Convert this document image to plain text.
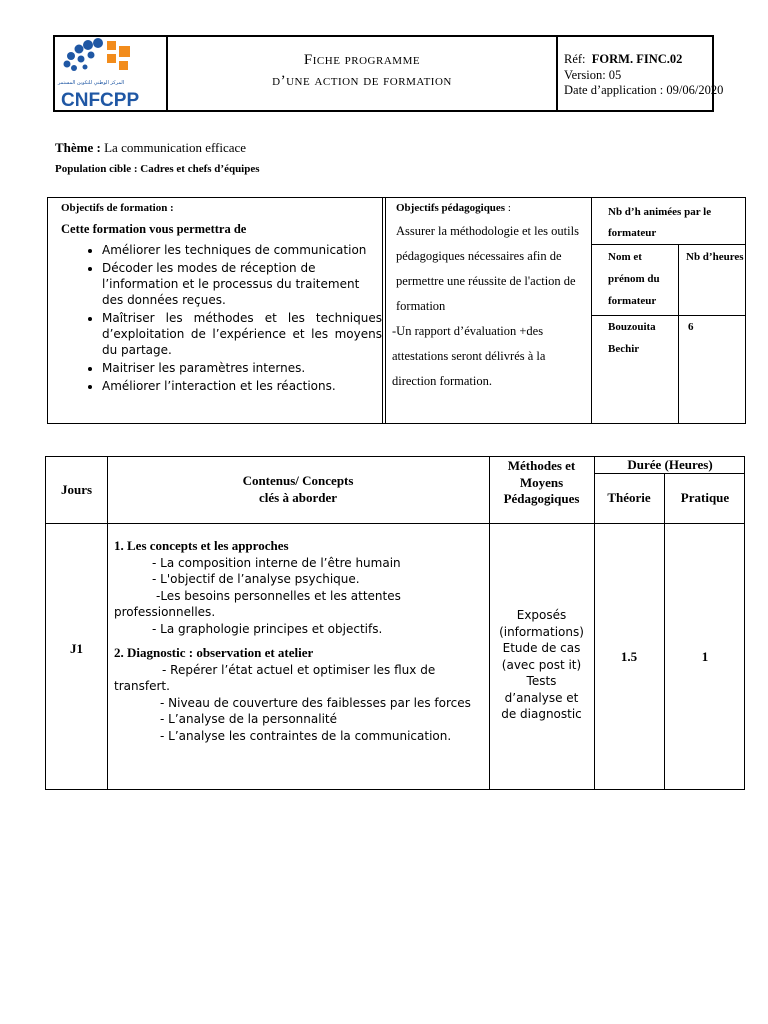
المركز الوطني للتكوين المستمر
CNFCPP
Fiche programme
d’une action de formation
Réf: FORM. FINC.02
Version: 05
Date d’application : 09/06/2020
Thème : La communication efficace
Population cible : Cadres et chefs d’équipes
Objectifs de formation :
Cette formation vous permettra de
• Améliorer les techniques de communication
• Décoder les modes de réception de l’information et le processus du traitement des données reçues.
• Maîtriser les méthodes et les techniques d’exploitation de l’expérience et les moyens du partage.
• Maitriser les paramètres internes.
• Améliorer l’interaction et les réactions.
Objectifs pédagogiques :
Assurer la méthodologie et les outils pédagogiques nécessaires afin de permettre une réussite de l'action de formation
-Un rapport d’évaluation +des attestations seront délivrés à la direction formation.
Nb d’h animées par le formateur
Nom et prénom du formateur
Nb d’heures
Bouzouita Bechir
6
Jours
Contenus/ Concepts
clés à aborder
Méthodes et Moyens Pédagogiques
Durée (Heures)
Théorie	Pratique
J1
1. Les concepts et les approches
- La composition interne de l’être humain
- L'objectif de l’analyse psychique.
-Les besoins personnelles et les attentes
professionnelles.
- La graphologie principes et objectifs.
2. Diagnostic : observation et atelier
- Repérer l’état actuel et optimiser les flux de
transfert.
- Niveau de couverture des faiblesses par les forces
- L’analyse de la personnalité
- L’analyse les contraintes de la communication.
Exposés
(informations)
Etude de cas
(avec post it)
Tests
d’analyse et
de diagnostic
1.5	1
